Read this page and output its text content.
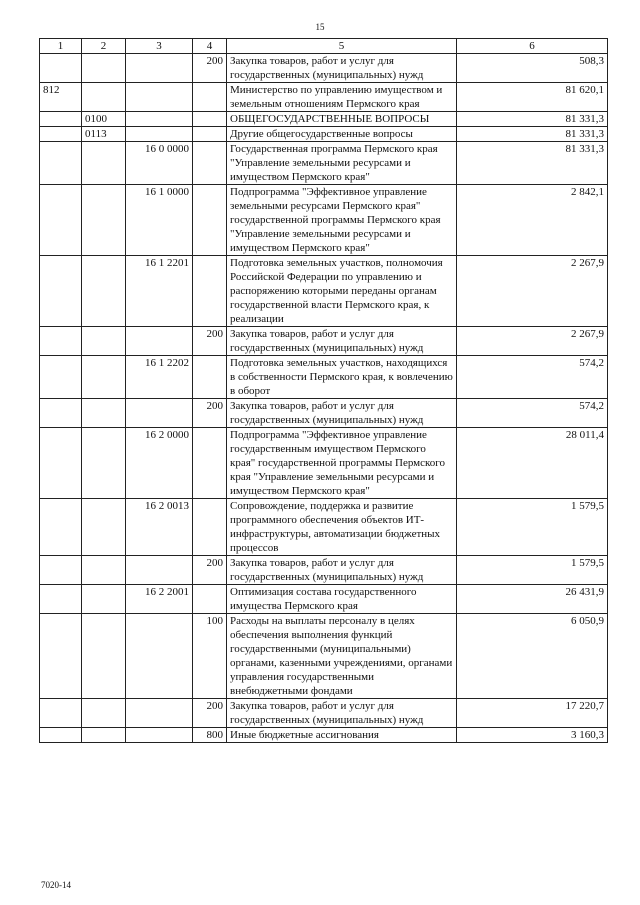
15
1	2	3	4	5	6
			200	Закупка товаров, работ и услуг для государственных (муниципальных) нужд	508,3
812				Министерство по управлению имуществом и земельным отношениям Пермского края	81 620,1
	0100			ОБЩЕГОСУДАРСТВЕННЫЕ ВОПРОСЫ	81 331,3
	0113			Другие общегосударственные вопросы	81 331,3
		16 0 0000		Государственная программа Пермского края "Управление земельными ресурсами и имуществом Пермского края"	81 331,3
		16 1 0000		Подпрограмма "Эффективное управление земельными ресурсами Пермского края" государственной программы Пермского края "Управление земельными ресурсами и имуществом Пермского края"	2 842,1
		16 1 2201		Подготовка земельных участков, полномочия Российской Федерации по управлению и распоряжению которыми переданы органам государственной власти Пермского края, к реализации	2 267,9
			200	Закупка товаров, работ и услуг для государственных (муниципальных) нужд	2 267,9
		16 1 2202		Подготовка земельных участков, находящихся в собственности Пермского края, к вовлечению в оборот	574,2
			200	Закупка товаров, работ и услуг для государственных (муниципальных) нужд	574,2
		16 2 0000		Подпрограмма "Эффективное управление государственным имуществом Пермского края" государственной программы Пермского края "Управление земельными ресурсами и имуществом Пермского края"	28 011,4
		16 2 0013		Сопровождение, поддержка и развитие программного обеспечения объектов ИТ-инфраструктуры, автоматизации бюджетных процессов	1 579,5
			200	Закупка товаров, работ и услуг для государственных (муниципальных) нужд	1 579,5
		16 2 2001		Оптимизация состава государственного имущества Пермского края	26 431,9
			100	Расходы на выплаты персоналу в целях обеспечения выполнения функций государственными (муниципальными) органами, казенными учреждениями, органами управления государственными внебюджетными фондами	6 050,9
			200	Закупка товаров, работ и услуг для государственных (муниципальных) нужд	17 220,7
			800	Иные бюджетные ассигнования	3 160,3
7020-14
